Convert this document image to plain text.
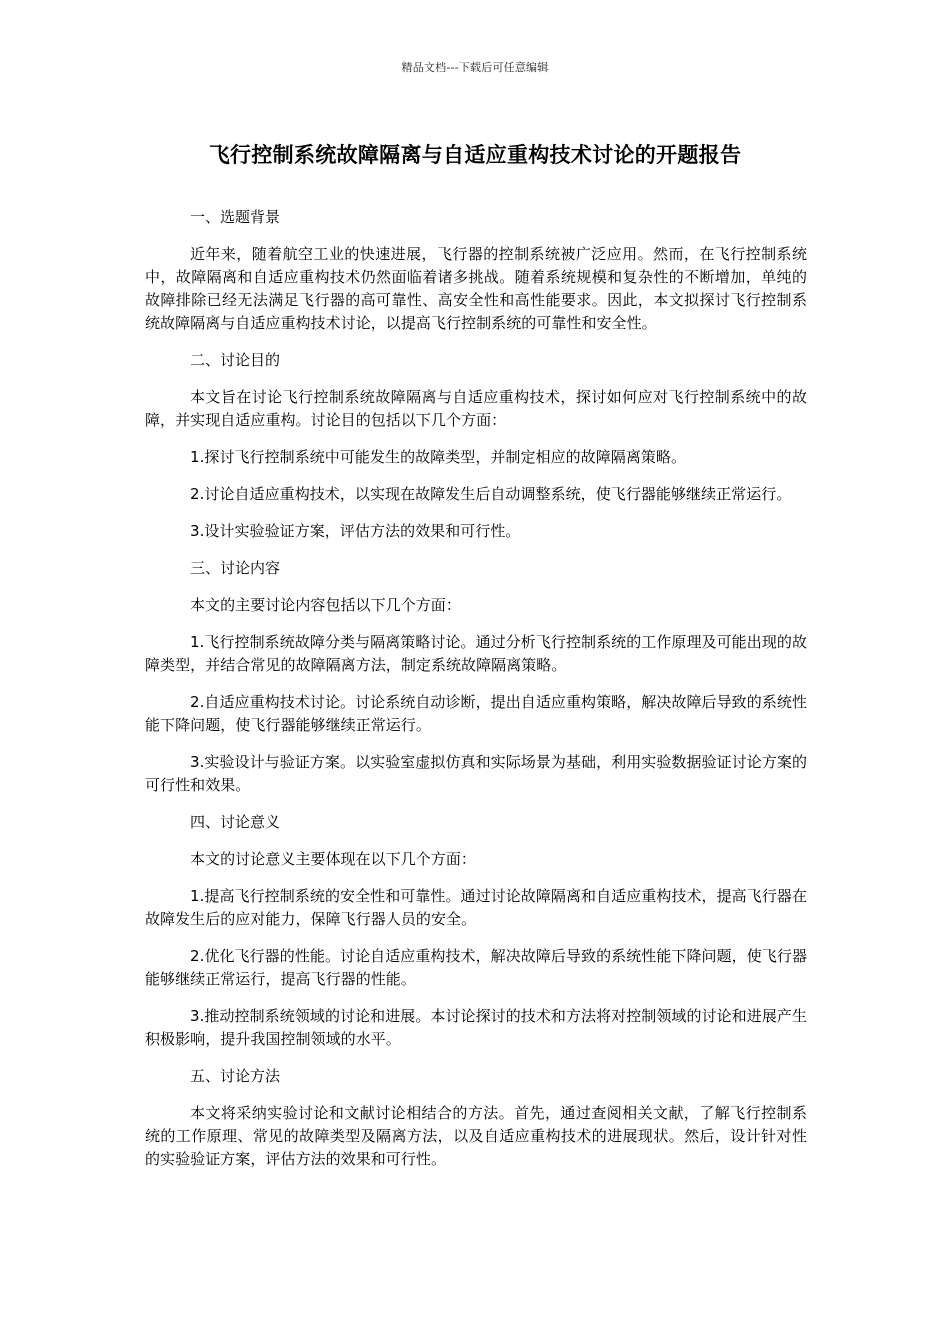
精品文档---下载后可任意编辑
飞行控制系统故障隔离与自适应重构技术讨论的开题报告
一、选题背景

近年来，随着航空工业的快速进展，飞行器的控制系统被广泛应用。然而，在飞行控制系统中，故障隔离和自适应重构技术仍然面临着诸多挑战。随着系统规模和复杂性的不断增加，单纯的故障排除已经无法满足飞行器的高可靠性、高安全性和高性能要求。因此，本文拟探讨飞行控制系统故障隔离与自适应重构技术讨论，以提高飞行控制系统的可靠性和安全性。

二、讨论目的

本文旨在讨论飞行控制系统故障隔离与自适应重构技术，探讨如何应对飞行控制系统中的故障，并实现自适应重构。讨论目的包括以下几个方面：

1.探讨飞行控制系统中可能发生的故障类型，并制定相应的故障隔离策略。

2.讨论自适应重构技术，以实现在故障发生后自动调整系统，使飞行器能够继续正常运行。

3.设计实验验证方案，评估方法的效果和可行性。

三、讨论内容

本文的主要讨论内容包括以下几个方面：

1.飞行控制系统故障分类与隔离策略讨论。通过分析飞行控制系统的工作原理及可能出现的故障类型，并结合常见的故障隔离方法，制定系统故障隔离策略。

2.自适应重构技术讨论。讨论系统自动诊断，提出自适应重构策略，解决故障后导致的系统性能下降问题，使飞行器能够继续正常运行。

3.实验设计与验证方案。以实验室虚拟仿真和实际场景为基础，利用实验数据验证讨论方案的可行性和效果。

四、讨论意义

本文的讨论意义主要体现在以下几个方面：

1.提高飞行控制系统的安全性和可靠性。通过讨论故障隔离和自适应重构技术，提高飞行器在故障发生后的应对能力，保障飞行器人员的安全。

2.优化飞行器的性能。讨论自适应重构技术，解决故障后导致的系统性能下降问题，使飞行器能够继续正常运行，提高飞行器的性能。

3.推动控制系统领域的讨论和进展。本讨论探讨的技术和方法将对控制领域的讨论和进展产生积极影响，提升我国控制领域的水平。

五、讨论方法

本文将采纳实验讨论和文献讨论相结合的方法。首先，通过查阅相关文献，了解飞行控制系统的工作原理、常见的故障类型及隔离方法，以及自适应重构技术的进展现状。然后，设计针对性的实验验证方案，评估方法的效果和可行性。
